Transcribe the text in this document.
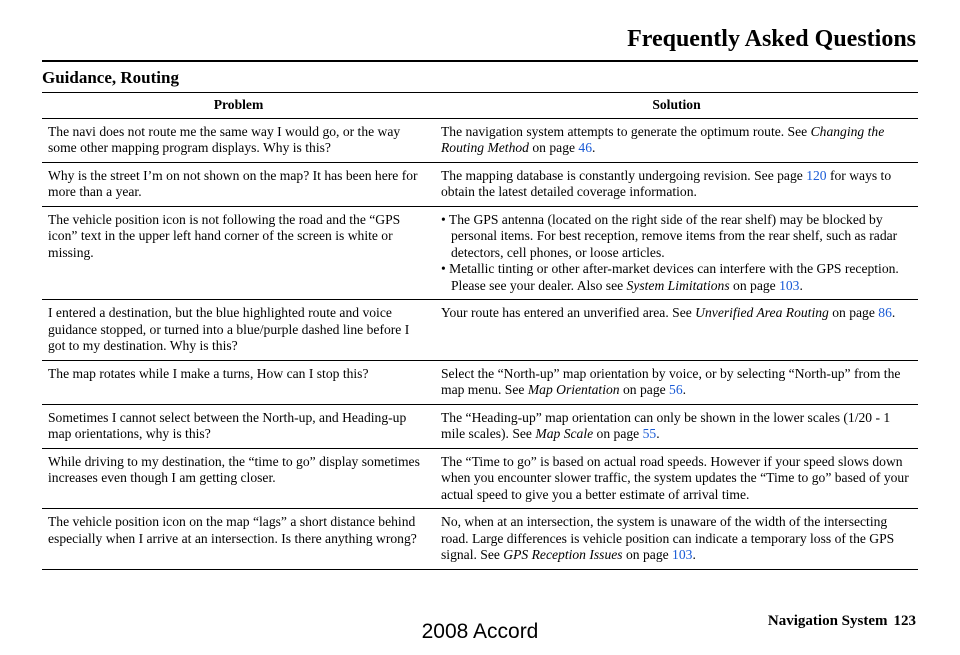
Frequently Asked Questions
Guidance, Routing
Problem	Solution
The navi does not route me the same way I would go, or the way some other mapping program displays. Why is this?	The navigation system attempts to generate the optimum route. See Changing the Routing Method on page 46.
Why is the street I’m on not shown on the map? It has been here for more than a year.	The mapping database is constantly undergoing revision. See page 120 for ways to obtain the latest detailed coverage information.
The vehicle position icon is not following the road and the “GPS icon” text in the upper left hand corner of the screen is white or missing.	• The GPS antenna (located on the right side of the rear shelf) may be blocked by personal items. For best reception, remove items from the rear shelf, such as radar detectors, cell phones, or loose articles.
• Metallic tinting or other after-market devices can interfere with the GPS reception. Please see your dealer. Also see System Limitations on page 103.

I entered a destination, but the blue highlighted route and voice guidance stopped, or turned into a blue/purple dashed line before I got to my destination. Why is this?	Your route has entered an unverified area. See Unverified Area Routing on page 86.
The map rotates while I make a turns, How can I stop this?	Select the “North-up” map orientation by voice, or by selecting “North-up” from the map menu. See Map Orientation on page 56.
Sometimes I cannot select between the North-up, and Heading-up map orientations, why is this?	The “Heading-up” map orientation can only be shown in the lower scales (1/20 - 1 mile scales). See Map Scale on page 55.
While driving to my destination, the “time to go” display sometimes increases even though I am getting closer.	The “Time to go” is based on actual road speeds. However if your speed slows down when you encounter slower traffic, the system updates the “Time to go” based of your actual speed to give you a better estimate of arrival time.
The vehicle position icon on the map “lags” a short distance behind especially when I arrive at an intersection. Is there anything wrong?	No, when at an intersection, the system is unaware of the width of the intersecting road. Large differences is vehicle position can indicate a temporary loss of the GPS signal. See GPS Reception Issues on page 103.
Navigation System 123
2008 Accord
